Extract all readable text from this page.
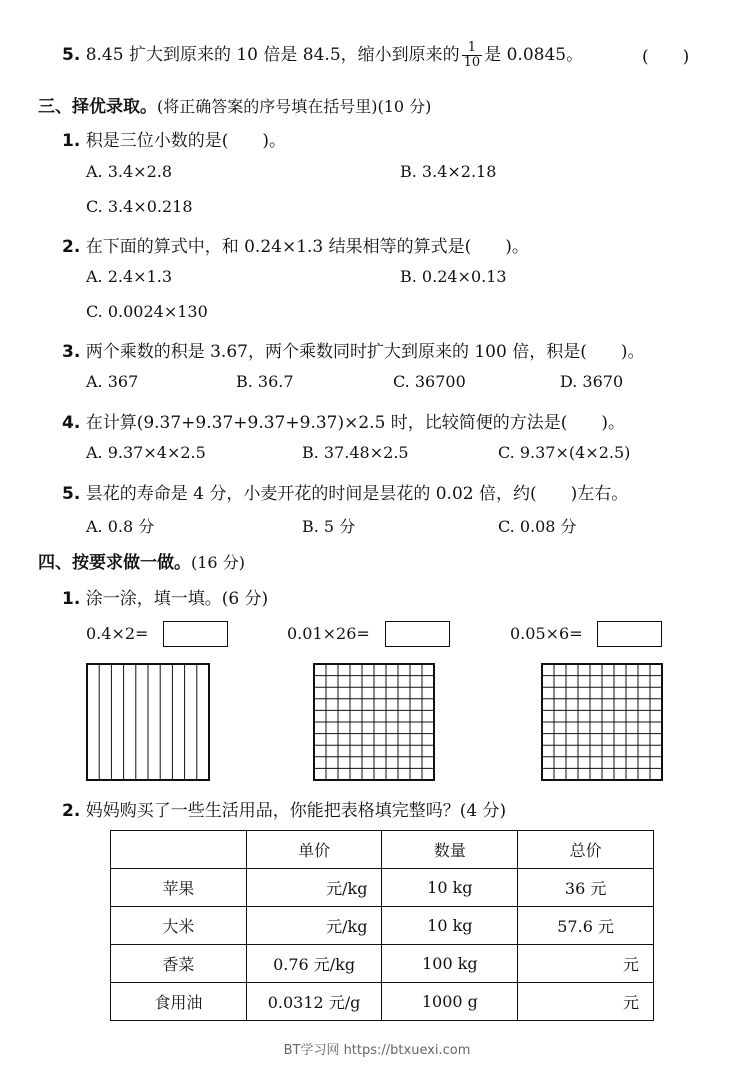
5. 8.45 扩大到原来的 10 倍是 84.5，缩小到原来的 $\frac{1}{10}$ 是 0.0845。	(　　)
三、择优录取。(将正确答案的序号填在括号里)(10 分)
1. 积是三位小数的是(　　)。
A. 3.4×2.8	B. 3.4×2.18
C. 3.4×0.218
2. 在下面的算式中，和 0.24×1.3 结果相等的算式是(　　)。
A. 2.4×1.3	B. 0.24×0.13
C. 0.0024×130
3. 两个乘数的积是 3.67，两个乘数同时扩大到原来的 100 倍，积是(　　)。
A. 367	B. 36.7	C. 36700	D. 3670
4. 在计算(9.37+9.37+9.37+9.37)×2.5 时，比较简便的方法是(　　)。
A. 9.37×4×2.5	B. 37.48×2.5	C. 9.37×(4×2.5)
5. 昙花的寿命是 4 分，小麦开花的时间是昙花的 0.02 倍，约(　　)左右。
A. 0.8 分	B. 5 分	C. 0.08 分
四、按要求做一做。(16 分)
1. 涂一涂，填一填。(6 分)
0.4×2=	0.01×26=	0.05×6=
2. 妈妈购买了一些生活用品，你能把表格填完整吗？(4 分)
	单价	数量	总价
苹果	元/kg	10 kg	36 元
大米	元/kg	10 kg	57.6 元
香菜	0.76 元/kg	100 kg	元
食用油	0.0312 元/g	1000 g	元
BT学习网 https://btxuexi.com
